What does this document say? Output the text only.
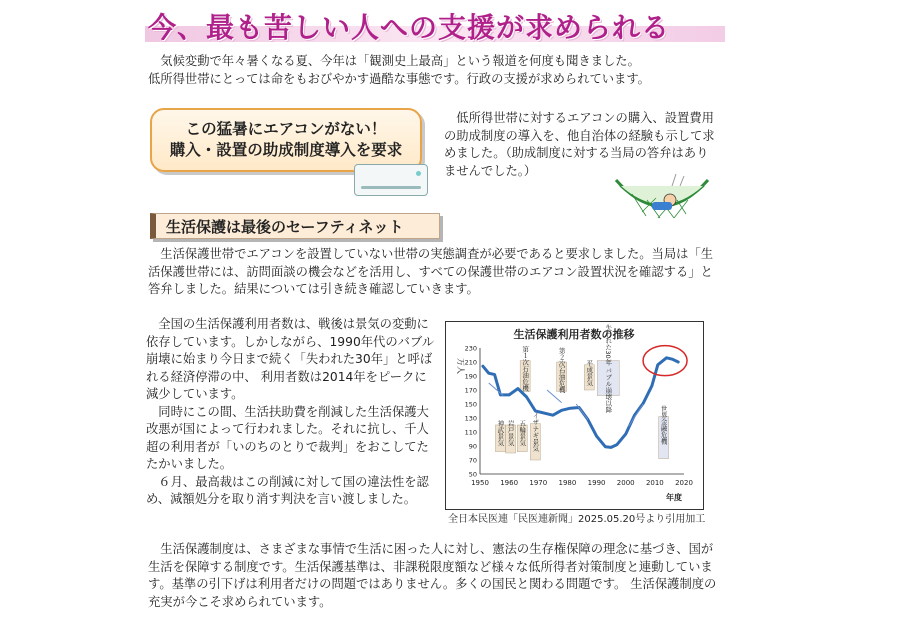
今、最も苦しい人への支援が求められる

気候変動で年々暑くなる夏、今年は「観測史上最高」という報道を何度も聞きました。

低所得世帯にとっては命をもおびやかす過酷な事態です。行政の支援が求められています。

この猛暑にエアコンがない！
購入・設置の助成制度導入を要求

低所得世帯に対するエアコンの購入、設置費用の助成制度の導入を、他自治体の経験も示して求めました。（助成制度に対する当局の答弁はありませんでした。）

生活保護は最後のセーフティネット

生活保護世帯でエアコンを設置していない世帯の実態調査が必要であると要求しました。当局は「生活保護世帯には、訪問面談の機会などを活用し、すべての保護世帯のエアコン設置状況を確認する」と答弁しました。結果については引き続き確認していきます。

全国の生活保護利用者数は、戦後は景気の変動に依存しています。しかしながら、1990年代のバブル崩壊に始まり今日まで続く「失われた30年」と呼ばれる経済停滞の中、 利用者数は2014年をピークに減少しています。

同時にこの間、生活扶助費を削減した生活保護大改悪が国によって行われました。それに抗し、千人超の利用者が「いのちのとりで裁判」をおこしてたたかいました。

６月、最高裁はこの削減に対して国の違法性を認め、減額処分を取り消す判決を言い渡しました。

生活保護利用者数の推移
万人
年度
第１次石油危機	第２次石油危機	平成景気 失われた30年 バブル崩壊以降
神武景気 岩戸景気 五輪景気 イザナギ景気	世界金融危機
50
70
90
110
130
150
170
190
210
230
1950 1960 1970 1980 1990 2000 2010 2020
全日本民医連「民医連新聞」2025.05.20号より引用加工

生活保護制度は、さまざまな事情で生活に困った人に対し、憲法の生存権保障の理念に基づき、国が生活を保障する制度です。生活保護基準は、非課税限度額など様々な低所得者対策制度と連動しています。基準の引下げは利用者だけの問題ではありません。多くの国民と関わる問題です。 生活保護制度の充実が今こそ求められています。
